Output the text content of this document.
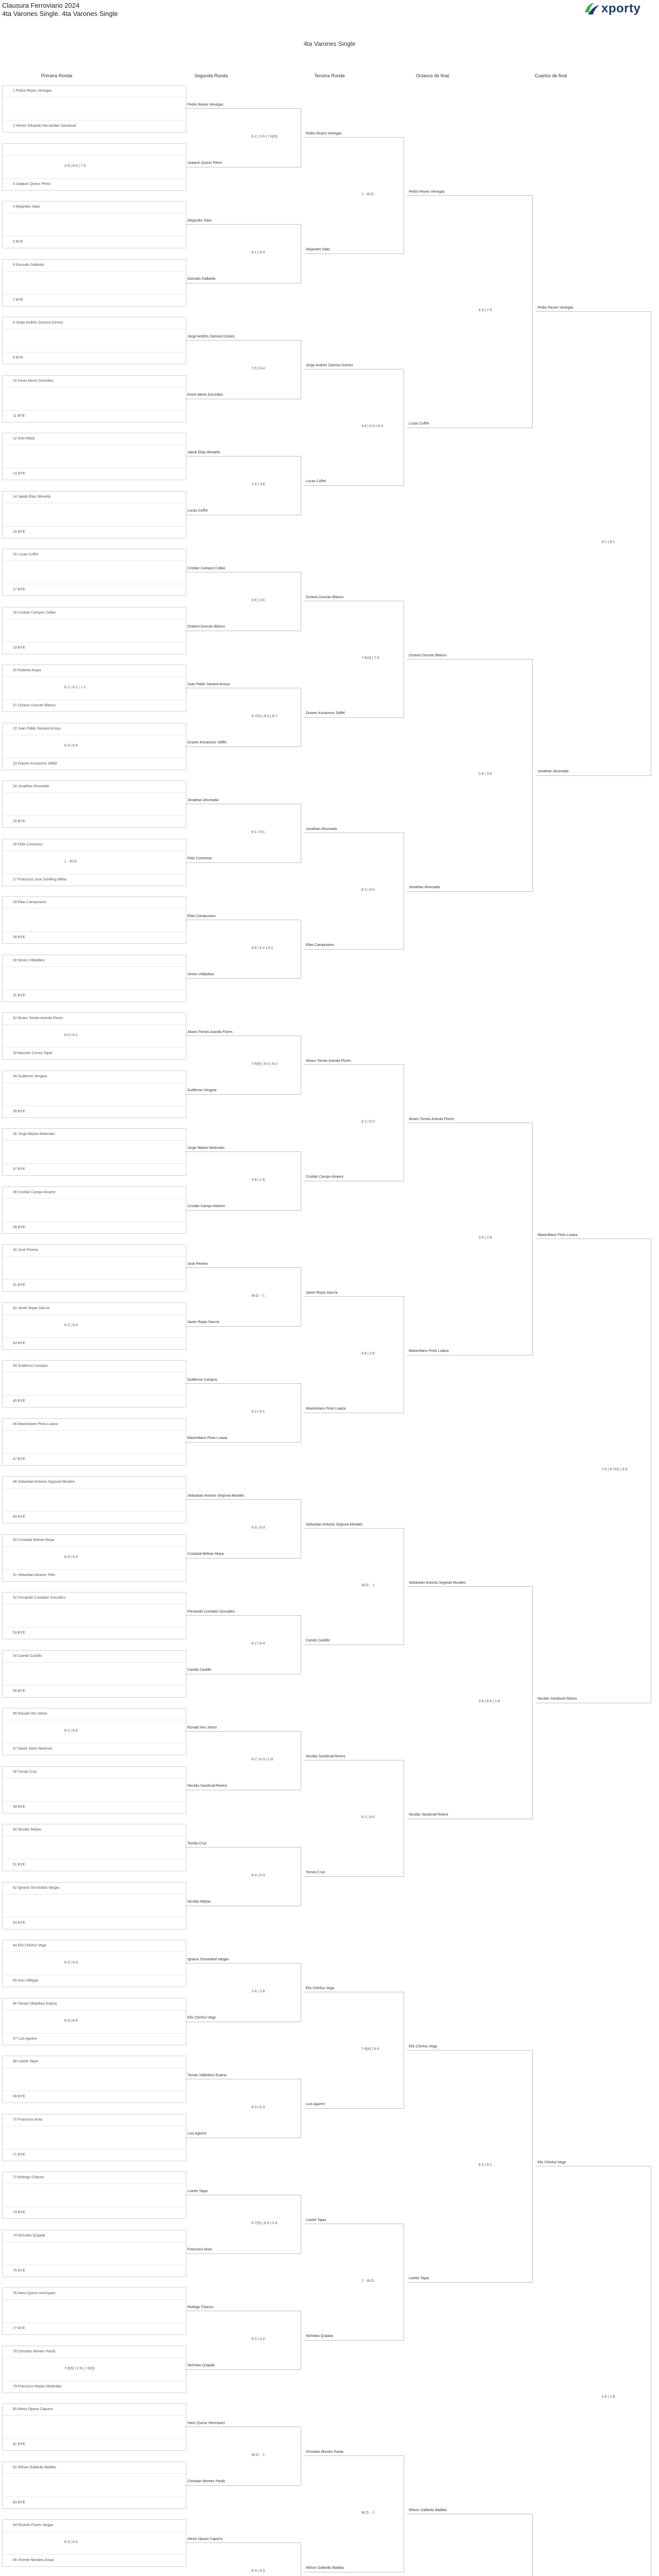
Clausura Ferroviario 2024
4ta Varones Single. 4ta Varones Single	xporty
4ta Varones Single
Primera Ronda	Segunda Ronda	Tercera Ronda	Octavos de final	Cuartos de final
1 Pedro Reyes Venegas
2 Héctor Eduardo Hernández Sandoval
2-6 | 6-4 | 7-5
3 Joaquín Quiroz Pérez
4 Alejandro Sáez
5 BYE
6 Gonzalo Gallardo
7 BYE
8 Jorge Andrés Zamora Gómez
9 BYE
10 Kevin Alexis González
11 BYE
12 Ariel Mejía
13 BYE
14 Jakob Elias Westefa
15 BYE
16 Lucas Coffré
17 BYE
18 Cristian Campos Collao
19 BYE
20 Roberto Araya
6-1 | 6-1 | 1-1
21 Octavio Duncan Blanco
22 Juan Pablo Saravia Arroyo
6-3 | 6-4
23 Drazen Kovacevic Stiffel
24 Jonathan Ahumada
25 BYE
26 Felix Contreras
1 - W.O.
27 Francisco Jose Schilling Millas
28 Elias Campusano
29 BYE
30 Simon Villalobos
31 BYE
32 Alvaro Tomás Aranda Flores
6-0 | 6-1
33 Marcelo Correa Tapia
34 Guillermo Vergara
35 BYE
36 Jorge Mejías Melendez
37 BYE
38 Cristián Campo Alvarez
39 BYE
40 José Pereira
41 BYE
42 Javier Rojas García
6-2 | 6-3
43 BYE
44 Guillermo Campos
45 BYE
46 Maximiliano Pinto Loaiza
47 BYE
48 Sebastian Antonio Segovia Morales
49 BYE
50 Cristobal Beltran Moya
6-3 | 6-3
51 Sebastian Alvarez Tello
52 Fernando Contador González
53 BYE
54 Camilo Castillo
55 BYE
56 Ronald Von Johon
6-2 | 6-4
57 David Jicker Martínez
58 Tomás Cruz
59 BYE
60 Nicolás Mejías
61 BYE
62 Ignacio Orrostabal Vargas
63 BYE
64 Elis Chinhui Vega
6-3 | 6-3
65 Ivan Villegas
66 Tomás Villalobos Espina
6-3 | 6-4
67 Luis Aguirre
68 Lisette Tapia
69 BYE
70 Francisco Arias
71 BYE
72 Rodrigo Chacon
73 BYE
74 Nicholas Quijada
75 BYE
76 Hans Quiroz Henríquez
77 BYE
78 Christian Montes Pardo
7-6(5) | 2-6 | 7-6(3)
79 Francisco Mejías Meléndez
80 Alexis Opazo Capurro
81 BYE
82 Wilson Gallardo Badilas
83 BYE
84 Ricardo Flores Vargas
6-3 | 6-4
85 Vicente Morales Araya
Pedro Reyes Venegas
Joaquín Quiroz Pérez
6-2 | 2-6 | 7-6(3)
Alejandro Sáez
Gonzalo Gallardo
6-1 | 6-3
Jorge Andrés Zamora Gómez
Kevin Alexis González
7-5 | 6-4
Jakob Elias Westefa
Lucas Coffré
1-6 | 3-6
Cristian Campos Collao
Octavio Duncan Blanco
3-6 | 3-6
Juan Pablo Saravia Arroyo
Drazen Kovacevic Stiffel
6-7(5) | 6-3 | 6-7
Jonathan Ahumada
Felix Contreras
6-1 | 6-1
Elias Campusano
Simon Villalobos
4-6 | 6-2 | 6-2
Alvaro Tomás Aranda Flores
Guillermo Vergara
7-6(6) | 6-4 | 6-2
Jorge Mejías Melendez
Cristián Campo Alvarez
3-6 | 1-6
José Pereira
Javier Rojas García
W.O. - 1
Guillermo Campos
Maximiliano Pinto Loaiza
6-2 | 6-1
Sebastian Antonio Segovia Morales
Cristobal Beltran Moya
6-3 | 6-3
Fernando Contador González
Camilo Castillo
6-2 | 6-4
Ronald Von Johon
Nicolás Sandoval Rivera
6-7 | 6-3 | 1-6
Tomás Cruz
Nicolás Mejías
6-4 | 6-3
Ignacio Orrostabal Vargas
Elis Chinhui Vega
2-6 | 2-6
Tomás Villalobos Espina
Luis Aguirre
6-3 | 6-3
Lisette Tapia
Francisco Arias
6-7(5) | 6-4 | 2-6
Rodrigo Chacon
Nicholas Quijada
6-3 | 6-2
Hans Quiroz Henríquez
Christian Montes Pardo
W.O. - 1
Alexis Opazo Capurro
6-3 | 6-3
Pedro Reyes Venegas
Alejandro Sáez
1 - W.O.
Jorge Andrés Zamora Gómez
Lucas Coffré
4-6 | 6-3 | 6-4
Octavio Duncan Blanco
Drazen Kovacevic Stiffel
7-6(4) | 7-5
Jonathan Ahumada
Elias Campusano
6-1 | 6-0
Alvaro Tomás Aranda Flores
Cristián Campo Alvarez
6-1 | 6-2
Javier Rojas García
Maximiliano Pinto Loaiza
4-6 | 2-6
Sebastian Antonio Segovia Morales
Camilo Castillo
W.O. - 1
Nicolás Sandoval Rivera
Tomás Cruz
6-1 | 6-0
Elis Chinhui Vega
Luis Aguirre
7-6(4) | 6-3
Lisette Tapia
Nicholas Quijada
1 - W.O.
Christian Montes Pardo
Wilson Gallardo Badilas
W.O. - 1
Pedro Reyes Venegas
Lucas Coffré
6-3 | 7-5
Octavio Duncan Blanco
Jonathan Ahumada
2-6 | 3-6
Alvaro Tomás Aranda Flores
Maximiliano Pinto Loaiza
3-6 | 2-6
Sebastian Antonio Segovia Morales
Nicolás Sandoval Rivera
3-6 | 6-4 | 1-6
Elis Chinhui Vega
Lisette Tapia
6-3 | 6-1
Wilson Gallardo Badilas
Pedro Reyes Venegas
Jonathan Ahumada
6-1 | 6-1
Maximiliano Pinto Loaiza
Nicolás Sandoval Rivera
7-5 | 6-7(3) | 6-3
Elis Chinhui Vega
1-6 | 1-6
